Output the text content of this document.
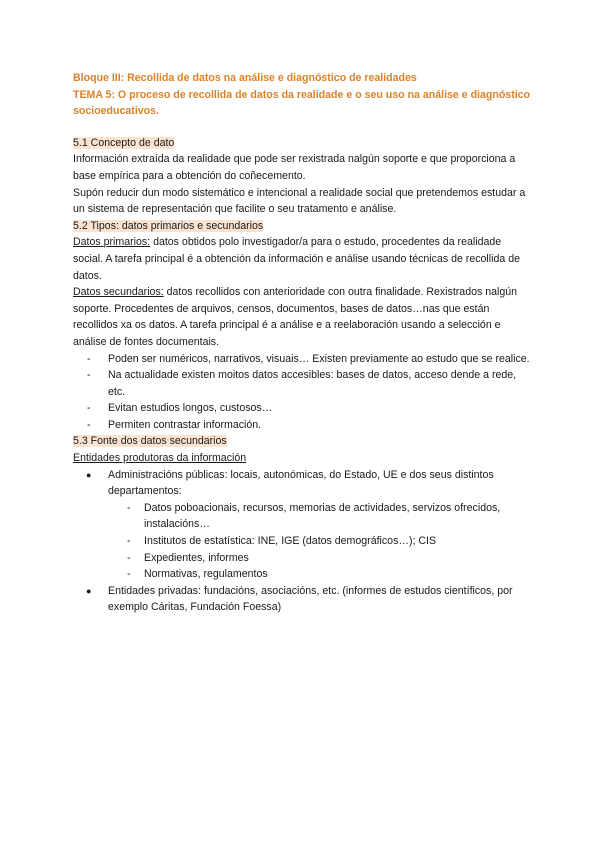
Bloque III: Recollida de datos na análise e diagnóstico de realidades
TEMA 5: O proceso de recollida de datos da realidade e o seu uso na análise e diagnóstico socioeducativos.
5.1 Concepto de dato

Información extraída da realidade que pode ser rexistrada nalgún soporte e que proporciona a base empírica para a obtención do coñecemento.

Supón reducir dun modo sistemático e intencional a realidade social que pretendemos estudar a un sistema de representación que facilite o seu tratamento e análise.

5.2 Tipos: datos primarios e secundarios

Datos primarios: datos obtidos polo investigador/a para o estudo, procedentes da realidade social. A tarefa principal é a obtención da información e análise usando técnicas de recollida de datos.

Datos secundarios: datos recollidos con anterioridade con outra finalidade. Rexistrados nalgún soporte. Procedentes de arquivos, censos, documentos, bases de datos…nas que están recollidos xa os datos. A tarefa principal é a análise e a reelaboración usando a selección e análise de fontes documentais.

- Poden ser numéricos, narrativos, visuais… Existen previamente ao estudo que se realice.
- Na actualidade existen moitos datos accesibles: bases de datos, acceso dende a rede, etc.
- Evitan estudios longos, custosos…
- Permiten contrastar información.
5.3 Fonte dos datos secundarios
Entidades produtoras da información
● Administracións públicas: locais, autonómicas, do Estado, UE e dos seus distintos departamentos:
- Datos poboacionais, recursos, memorias de actividades, servizos ofrecidos, instalacións…
- Institutos de estatística: INE, IGE (datos demográficos…); CIS
- Expedientes, informes
- Normativas, regulamentos
● Entidades privadas: fundacións, asociacións, etc. (informes de estudos científicos, por exemplo Cáritas, Fundación Foessa)
